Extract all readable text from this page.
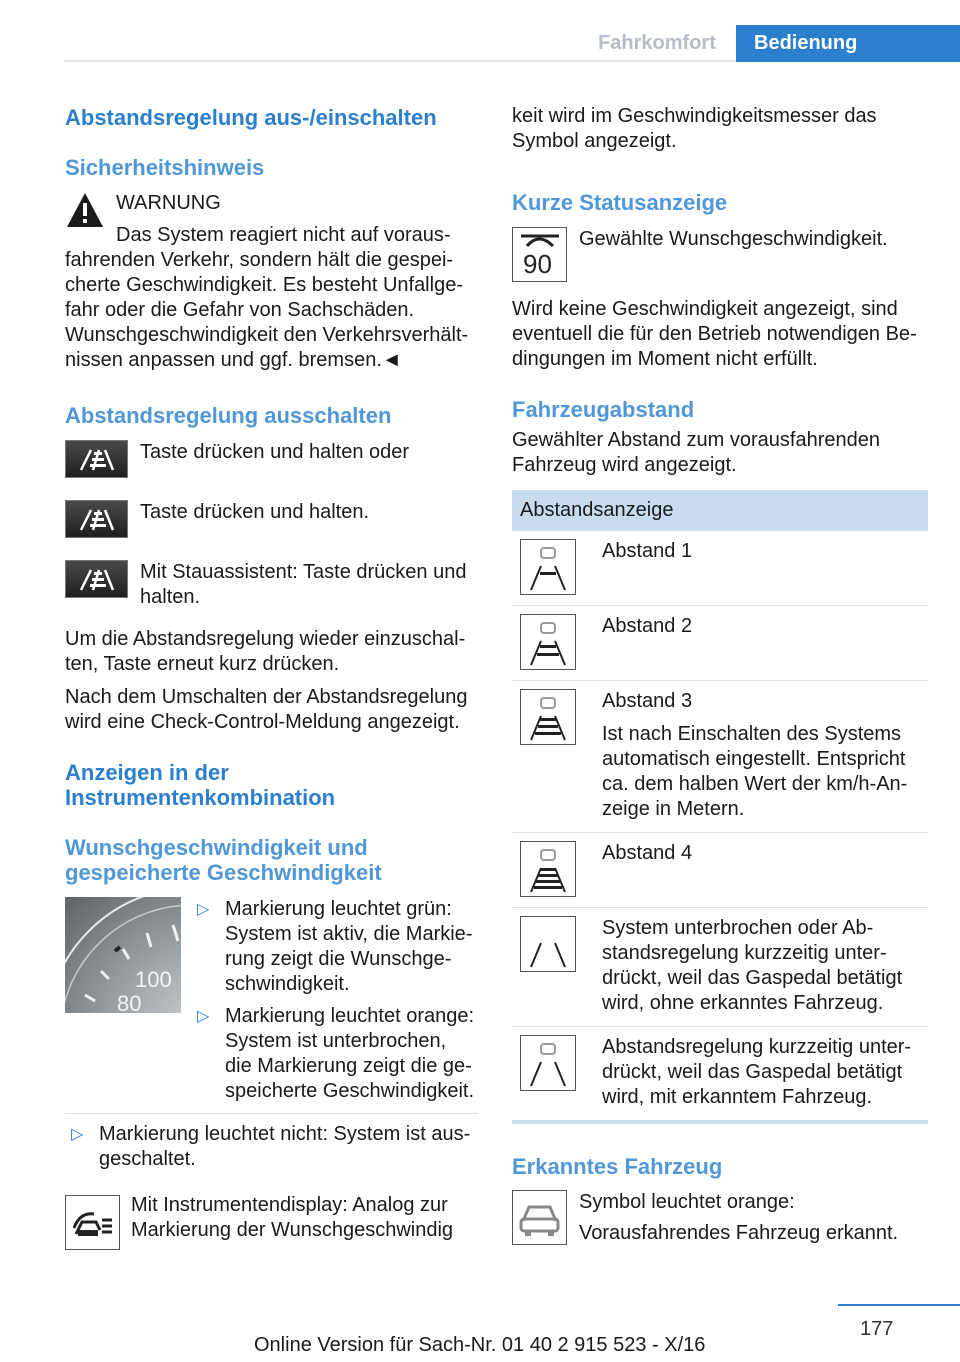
Fahrkomfort	Bedienung
Abstandsregelung aus-/einschalten
Sicherheitshinweis

WARNUNG

Das System reagiert nicht auf vorausfahrenden Verkehr, sondern hält die gespeicherte Geschwindigkeit. Es besteht Unfallgefahr oder die Gefahr von Sachschäden. Wunschgeschwindigkeit den Verkehrsverhältnissen anpassen und ggf. bremsen.◄

Abstandsregelung ausschalten

Taste drücken und halten oder

Taste drücken und halten.

Mit Stauassistent: Taste drücken und halten.

Um die Abstandsregelung wieder einzuschalten, Taste erneut kurz drücken.

Nach dem Umschalten der Abstandsregelung wird eine Check-Control-Meldung angezeigt.

Anzeigen in der Instrumentenkombination
Wunschgeschwindigkeit und gespeicherte Geschwindigkeit
100
80
▷ Markierung leuchtet grün: System ist aktiv, die Markierung zeigt die Wunschgeschwindigkeit.
▷ Markierung leuchtet orange: System ist unterbrochen, die Markierung zeigt die gespeicherte Geschwindigkeit.
▷ Markierung leuchtet nicht: System ist ausgeschaltet.

Mit Instrumentendisplay: Analog zur Markierung der Wunschgeschwindig

keit wird im Geschwindigkeitsmesser das Symbol angezeigt.

Kurze Statusanzeige
90

Gewählte Wunschgeschwindigkeit.

Wird keine Geschwindigkeit angezeigt, sind eventuell die für den Betrieb notwendigen Bedingungen im Moment nicht erfüllt.

Fahrzeugabstand

Gewählter Abstand zum vorausfahrenden Fahrzeug wird angezeigt.

Abstandsanzeige	

Abstand 1

Abstand 2

Abstand 3

Ist nach Einschalten des Systems automatisch eingestellt. Entspricht ca. dem halben Wert der km/h-Anzeige in Metern.

Abstand 4

System unterbrochen oder Abstandsregelung kurzzeitig unterdrückt, weil das Gaspedal betätigt wird, ohne erkanntes Fahrzeug.

Abstandsregelung kurzzeitig unterdrückt, weil das Gaspedal betätigt wird, mit erkanntem Fahrzeug.

Erkanntes Fahrzeug

Symbol leuchtet orange:

Vorausfahrendes Fahrzeug erkannt.

177
Online Version für Sach-Nr. 01 40 2 915 523 - X/16
